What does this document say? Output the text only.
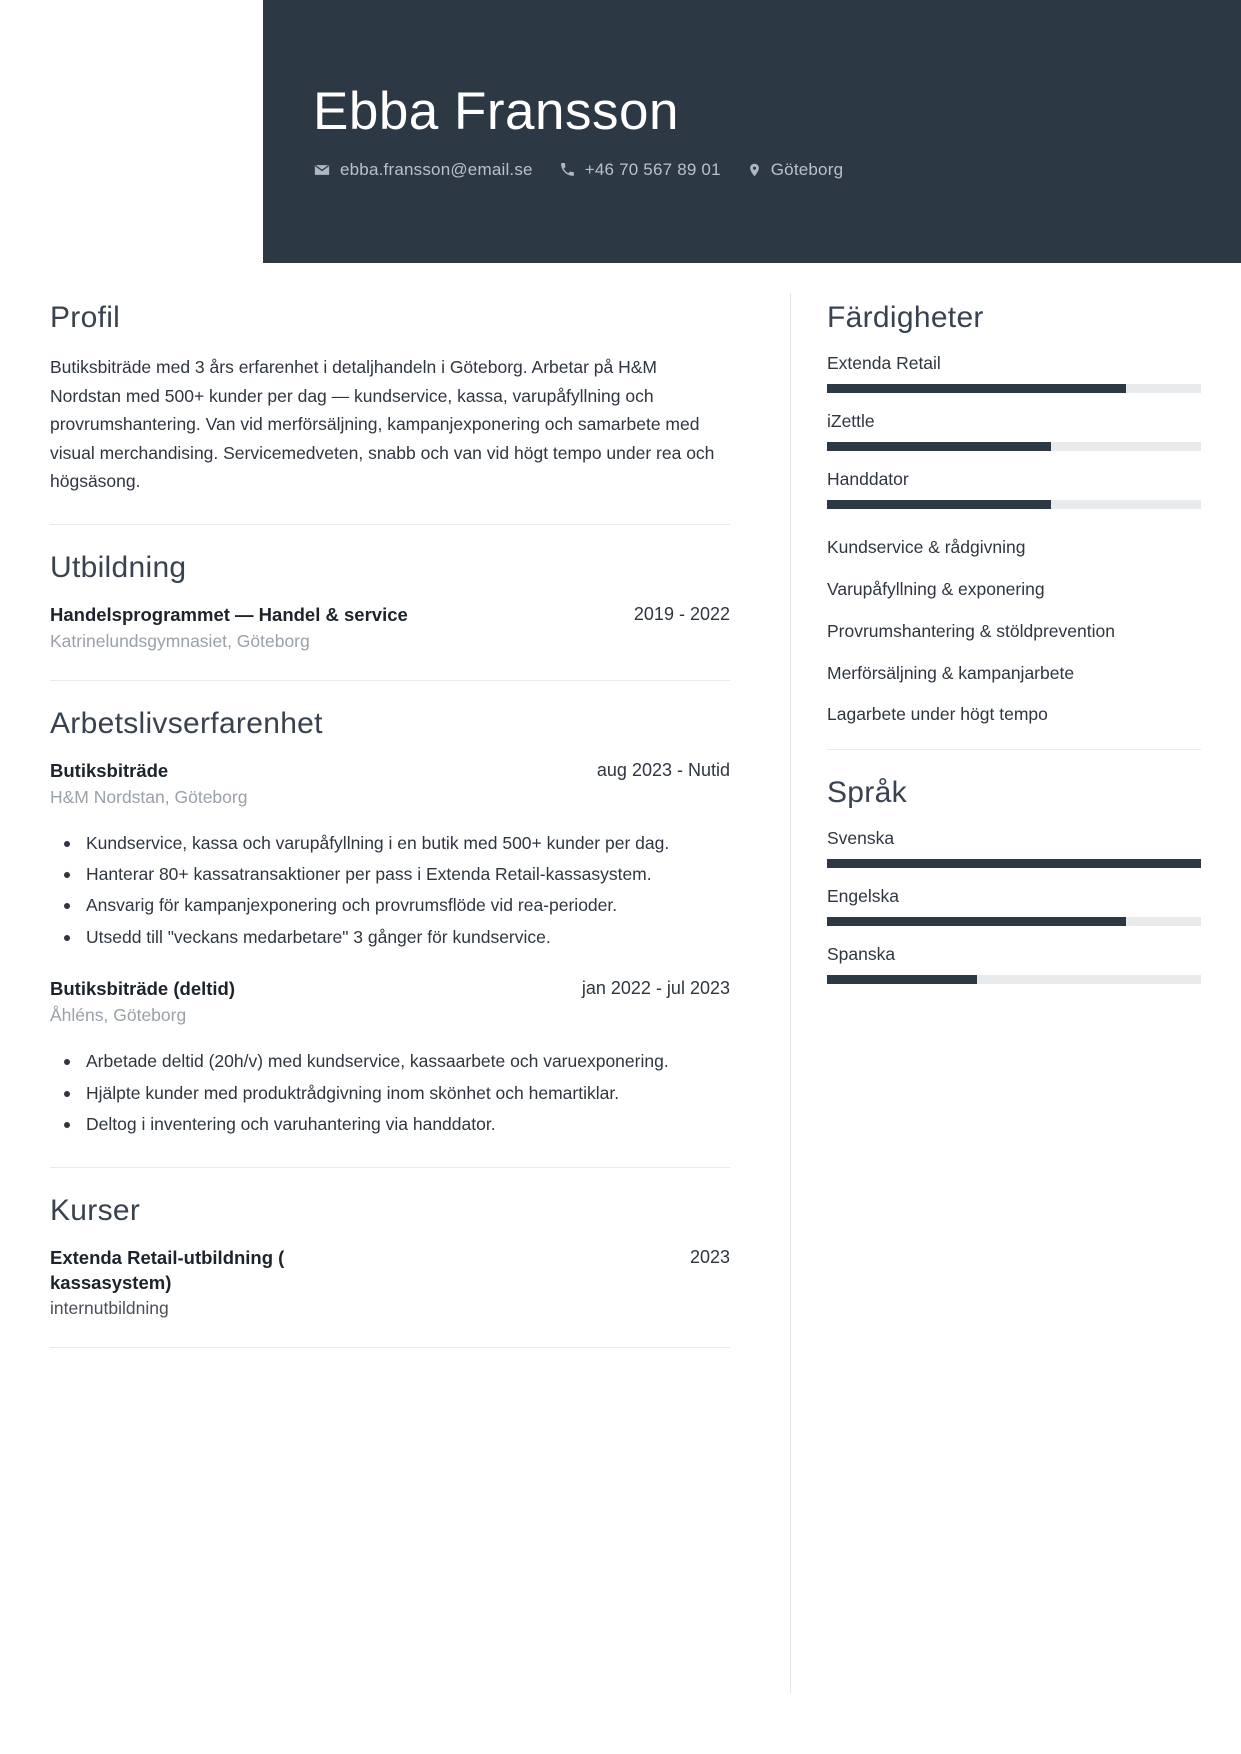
Ebba Fransson
ebba.fransson@email.se	+46 70 567 89 01	Göteborg
Profil

Butiksbiträde med 3 års erfarenhet i detaljhandeln i Göteborg. Arbetar på H&M Nordstan med 500+ kunder per dag — kundservice, kassa, varupåfyllning och provrumshantering. Van vid merförsäljning, kampanjexponering och samarbete med visual merchandising. Servicemedveten, snabb och van vid högt tempo under rea och högsäsong.

Utbildning
Handelsprogrammet — Handel & service	2019 - 2022
Katrinelundsgymnasiet, Göteborg
Arbetslivserfarenhet
Butiksbiträde	aug 2023 - Nutid
H&M Nordstan, Göteborg
Kundservice, kassa och varupåfyllning i en butik med 500+ kunder per dag.
Hanterar 80+ kassatransaktioner per pass i Extenda Retail-kassasystem.
Ansvarig för kampanjexponering och provrumsflöde vid rea-perioder.
Utsedd till "veckans medarbetare" 3 gånger för kundservice.
Butiksbiträde (deltid)	jan 2022 - jul 2023
Åhléns, Göteborg
Arbetade deltid (20h/v) med kundservice, kassaarbete och varuexponering.
Hjälpte kunder med produktrådgivning inom skönhet och hemartiklar.
Deltog i inventering och varuhantering via handdator.
Kurser
Extenda Retail-utbildning ( kassasystem)
2023
internutbildning
Färdigheter
Extenda Retail
iZettle
Handdator
Kundservice & rådgivning
Varupåfyllning & exponering
Provrumshantering & stöldprevention
Merförsäljning & kampanjarbete
Lagarbete under högt tempo
Språk
Svenska
Engelska
Spanska
